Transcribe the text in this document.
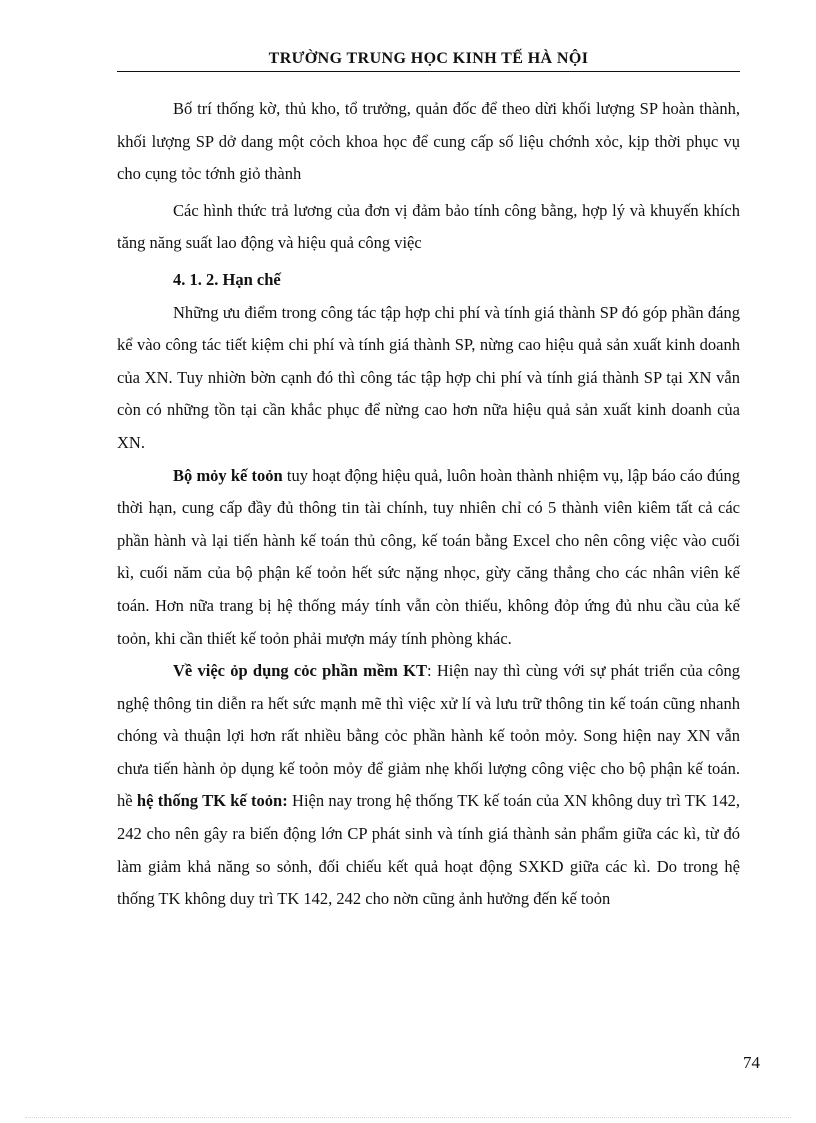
TRƯỜNG TRUNG HỌC KINH TẾ HÀ NỘI

Bố trí thống kờ, thủ kho, tổ trưởng, quản đốc để theo dừi khối lượng SP hoàn thành, khối lượng SP dở dang một cỏch khoa học để cung cấp số liệu chớnh xỏc, kịp thời phục vụ cho cụng tỏc tớnh giỏ thành

Các hình thức trả lương của đơn vị đảm bảo tính công bằng, hợp lý và khuyến khích tăng năng suất lao động và hiệu quả công việc

4. 1. 2. Hạn chế

Những ưu điểm trong công tác tập hợp chi phí và tính giá thành SP đó góp phần đáng kể vào công tác tiết kiệm chi phí và tính giá thành SP, nừng cao hiệu quả sản xuất kinh doanh của XN. Tuy nhiờn bờn cạnh đó thì công tác tập hợp chi phí và tính giá thành SP tại XN vẫn còn có những tồn tại cần khắc phục để nừng cao hơn nữa hiệu quả sản xuất kinh doanh của XN.

Bộ mỏy kế toỏn tuy hoạt động hiệu quả, luôn hoàn thành nhiệm vụ, lập báo cáo đúng thời hạn, cung cấp đầy đủ thông tin tài chính, tuy nhiên chỉ có 5 thành viên kiêm tất cả các phần hành và lại tiến hành kế toán thủ công, kế toán bằng Excel cho nên công việc vào cuối kì, cuối năm của bộ phận kế toỏn hết sức nặng nhọc, gừy căng thẳng cho các nhân viên kế toán. Hơn nữa trang bị hệ thống máy tính vẫn còn thiếu, không đỏp ứng đủ nhu cầu của kế toỏn, khi cần thiết kế toỏn phải mượn máy tính phòng khác.

Về việc ỏp dụng cỏc phần mềm KT: Hiện nay thì cùng với sự phát triển của công nghệ thông tin diễn ra hết sức mạnh mẽ thì việc xử lí và lưu trữ thông tin kế toán cũng nhanh chóng và thuận lợi hơn rất nhiều bằng cỏc phần hành kế toỏn mỏy. Song hiện nay XN vẫn chưa tiến hành ỏp dụng kế toỏn mỏy để giảm nhẹ khối lượng công việc cho bộ phận kế toán. hề hệ thống TK kế toỏn: Hiện nay trong hệ thống TK kế toán của XN không duy trì TK 142, 242 cho nên gây ra biến động lớn CP phát sinh và tính giá thành sản phẩm giữa các kì, từ đó làm giảm khả năng so sỏnh, đối chiếu kết quả hoạt động SXKD giữa các kì. Do trong hệ thống TK không duy trì TK 142, 242 cho nờn cũng ảnh hưởng đến kế toỏn

74
